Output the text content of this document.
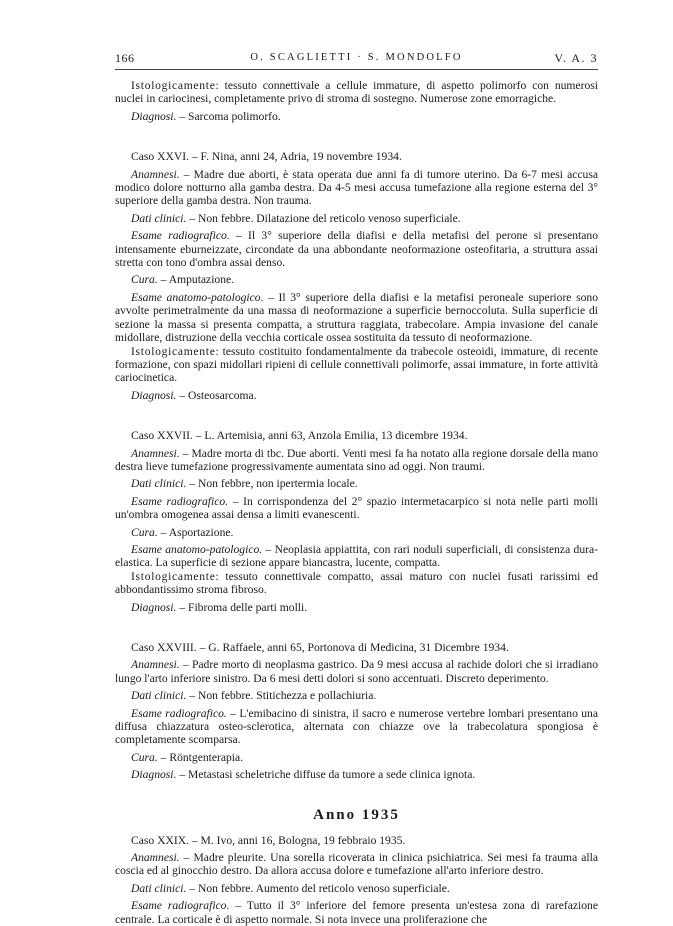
166	O. SCAGLIETTI · S. MONDOLFO	V. A. 3

Istologicamente: tessuto connettivale a cellule immature, di aspetto polimorfo con numerosi nuclei in cariocinesi, completamente privo di stroma di sostegno. Numerose zone emorragiche.

Diagnosi. – Sarcoma polimorfo.

Caso XXVI. – F. Nina, anni 24, Adria, 19 novembre 1934.

Anamnesi. – Madre due aborti, è stata operata due anni fa di tumore uterino. Da 6-7 mesi accusa modico dolore notturno alla gamba destra. Da 4-5 mesi accusa tumefazione alla regione esterna del 3° superiore della gamba destra. Non trauma.

Dati clinici. – Non febbre. Dilatazione del reticolo venoso superficiale.

Esame radiografico. – Il 3° superiore della diafisi e della metafisi del perone si presentano intensamente eburneizzate, circondate da una abbondante neoformazione osteofitaria, a struttura assai stretta con tono d'ombra assai denso.

Cura. – Amputazione.

Esame anatomo-patologico. – Il 3° superiore della diafisi e la metafisi peroneale superiore sono avvolte perimetralmente da una massa di neoformazione a superficie bernoccoluta. Sulla superficie di sezione la massa si presenta compatta, a struttura raggiata, trabecolare. Ampia invasione del canale midollare, distruzione della vecchia corticale ossea sostituita da tessuto di neoformazione.

Istologicamente: tessuto costituito fondamentalmente da trabecole osteoidi, immature, di recente formazione, con spazi midollari ripieni di cellule connettivali polimorfe, assai immature, in forte attività cariocinetica.

Diagnosi. – Osteosarcoma.

Caso XXVII. – L. Artemisia, anni 63, Anzola Emilia, 13 dicembre 1934.

Anamnesi. – Madre morta di tbc. Due aborti. Venti mesi fa ha notato alla regione dorsale della mano destra lieve tumefazione progressivamente aumentata sino ad oggi. Non traumi.

Dati clinici. – Non febbre, non ipertermia locale.

Esame radiografico. – In corrispondenza del 2° spazio intermetacarpico si nota nelle parti molli un'ombra omogenea assai densa a limiti evanescenti.

Cura. – Asportazione.

Esame anatomo-patologico. – Neoplasia appiattita, con rari noduli superficiali, di consistenza dura-elastica. La superficie di sezione appare biancastra, lucente, compatta.

Istologicamente: tessuto connettivale compatto, assai maturo con nuclei fusati rarissimi ed abbondantissimo stroma fibroso.

Diagnosi. – Fibroma delle parti molli.

Caso XXVIII. – G. Raffaele, anni 65, Portonova di Medicina, 31 Dicembre 1934.

Anamnesi. – Padre morto di neoplasma gastrico. Da 9 mesi accusa al rachide dolori che si irradiano lungo l'arto inferiore sinistro. Da 6 mesi detti dolori si sono accentuati. Discreto deperimento.

Dati clinici. – Non febbre. Stitichezza e pollachiuria.

Esame radiografico. – L'emibacino di sinistra, il sacro e numerose vertebre lombari presentano una diffusa chiazzatura osteo-sclerotica, alternata con chiazze ove la trabecolatura spongiosa è completamente scomparsa.

Cura. – Röntgenterapia.

Diagnosi. – Metastasi scheletriche diffuse da tumore a sede clinica ignota.

Anno 1935

Caso XXIX. – M. Ivo, anni 16, Bologna, 19 febbraio 1935.

Anamnesi. – Madre pleurite. Una sorella ricoverata in clinica psichiatrica. Sei mesi fa trauma alla coscia ed al ginocchio destro. Da allora accusa dolore e tumefazione all'arto inferiore destro.

Dati clinici. – Non febbre. Aumento del reticolo venoso superficiale.

Esame radiografico. – Tutto il 3° inferiore del femore presenta un'estesa zona di rarefazione centrale. La corticale è di aspetto normale. Si nota invece una proliferazione che
